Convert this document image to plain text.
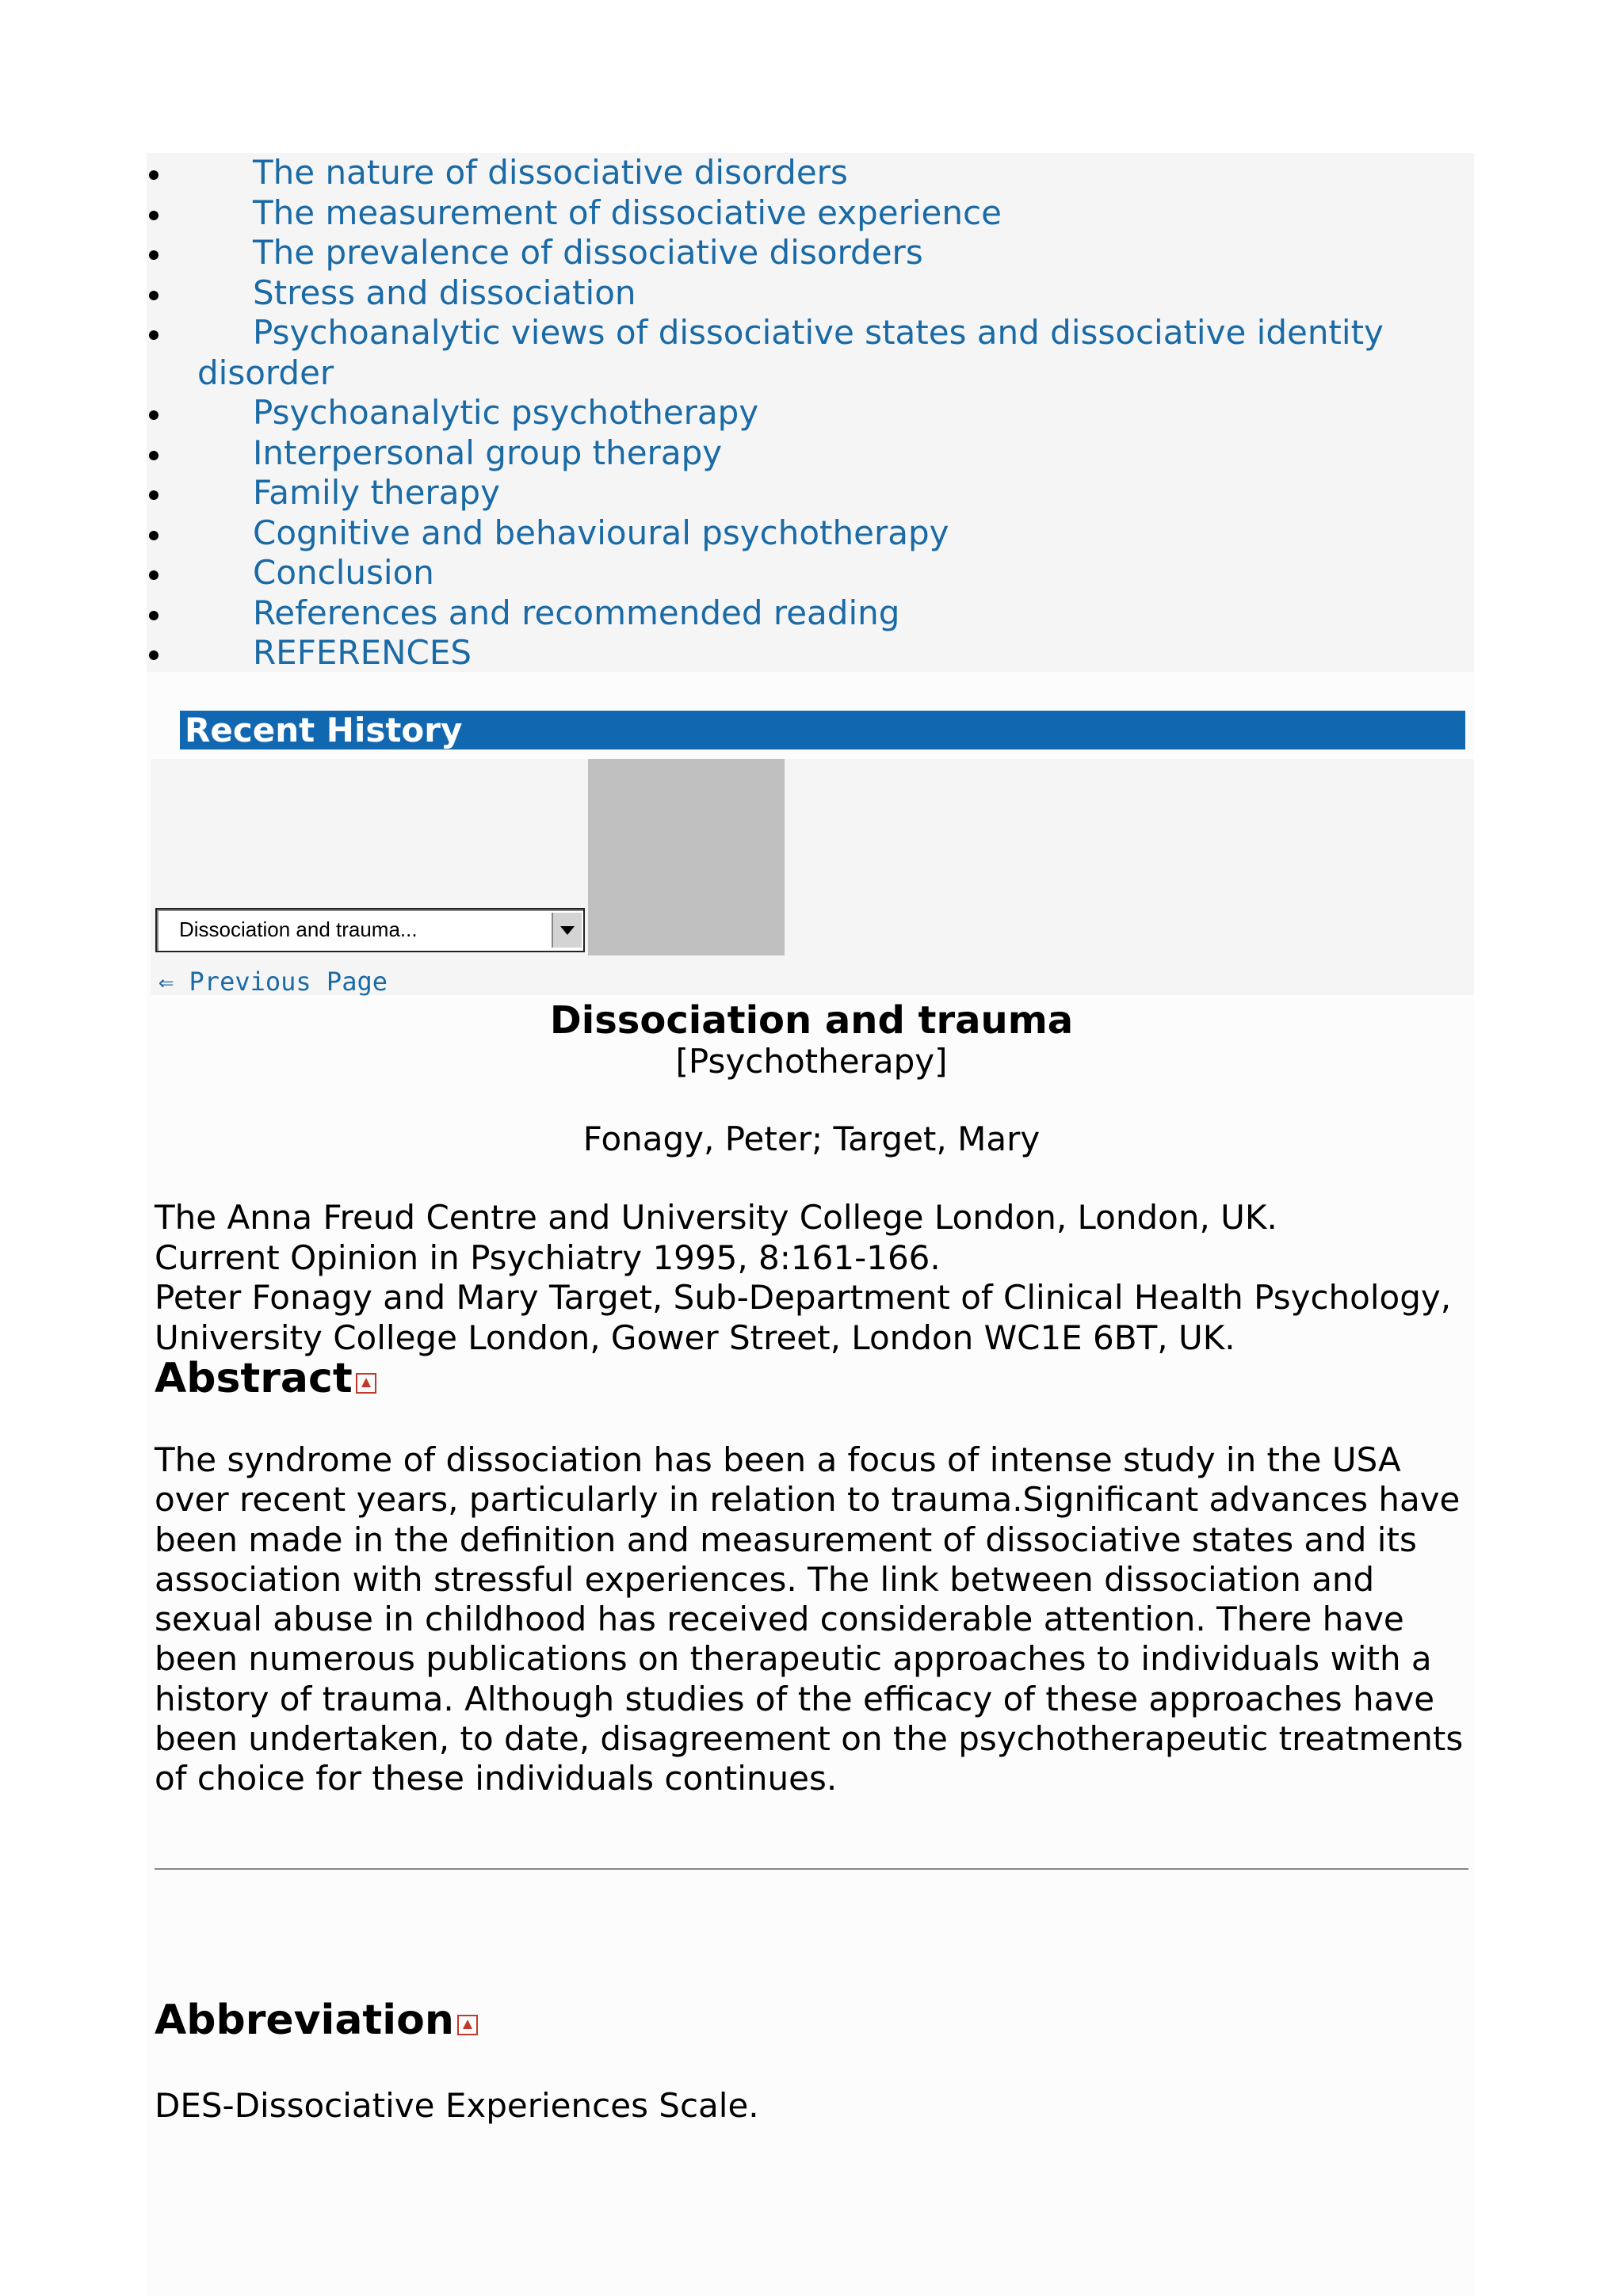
The nature of dissociative disorders
The measurement of dissociative experience
The prevalence of dissociative disorders
Stress and dissociation
Psychoanalytic views of dissociative states and dissociative identity disorder
Psychoanalytic psychotherapy
Interpersonal group therapy
Family therapy
Cognitive and behavioural psychotherapy
Conclusion
References and recommended reading
REFERENCES
Recent History
Dissociation and trauma...
⇐ Previous Page
Dissociation and trauma
[Psychotherapy]
Fonagy, Peter; Target, Mary
The Anna Freud Centre and University College London, London, UK.
Current Opinion in Psychiatry 1995, 8:161-166.
Peter Fonagy and Mary Target, Sub-Department of Clinical Health Psychology,
University College London, Gower Street, London WC1E 6BT, UK.
Abstract
The syndrome of dissociation has been a focus of intense study in the USA
over recent years, particularly in relation to trauma.Significant advances have
been made in the definition and measurement of dissociative states and its
association with stressful experiences. The link between dissociation and
sexual abuse in childhood has received considerable attention. There have
been numerous publications on therapeutic approaches to individuals with a
history of trauma. Although studies of the efficacy of these approaches have
been undertaken, to date, disagreement on the psychotherapeutic treatments
of choice for these individuals continues.
Abbreviation

DES-Dissociative Experiences Scale.
